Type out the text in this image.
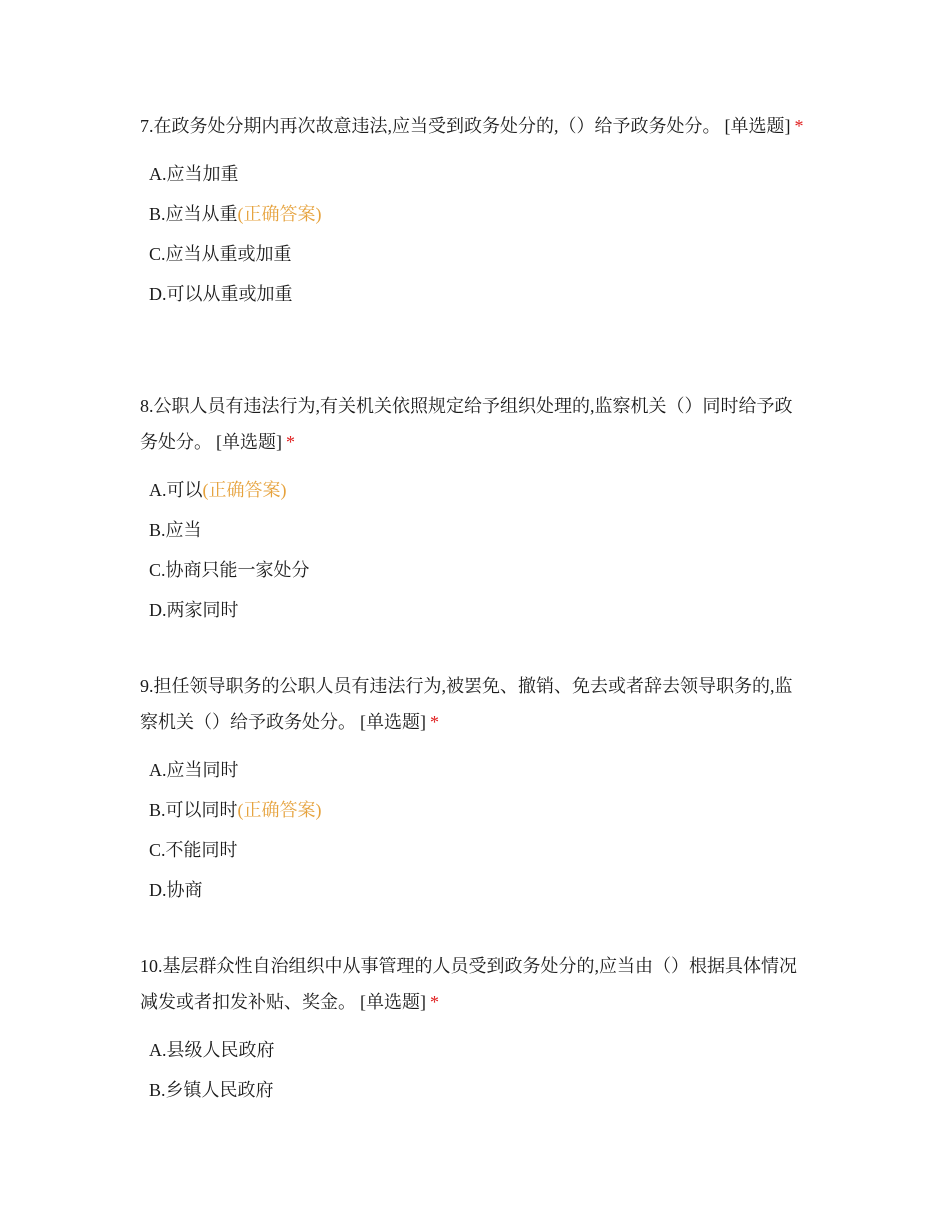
7.在政务处分期内再次故意违法,应当受到政务处分的,（）给予政务处分。 [单选题] *

A.应当加重
B.应当从重(正确答案)
C.应当从重或加重
D.可以从重或加重

8.公职人员有违法行为,有关机关依照规定给予组织处理的,监察机关（）同时给予政务处分。 [单选题] *

A.可以(正确答案)
B.应当
C.协商只能一家处分
D.两家同时

9.担任领导职务的公职人员有违法行为,被罢免、撤销、免去或者辞去领导职务的,监察机关（）给予政务处分。 [单选题] *

A.应当同时
B.可以同时(正确答案)
C.不能同时
D.协商

10.基层群众性自治组织中从事管理的人员受到政务处分的,应当由（）根据具体情况减发或者扣发补贴、奖金。 [单选题] *

A.县级人民政府
B.乡镇人民政府
